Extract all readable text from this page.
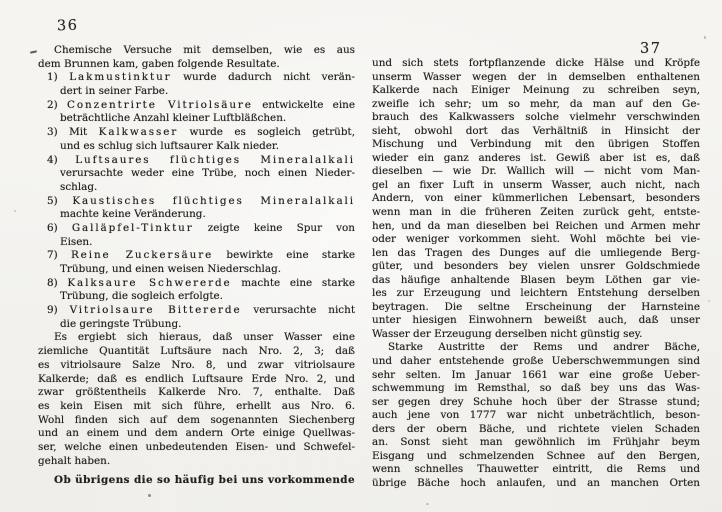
36
Chemische Versuche mit demselben, wie es aus
dem Brunnen kam, gaben folgende Resultate.
1) Lakmustinktur wurde dadurch nicht verän-
dert in seiner Farbe.
2) Conzentrirte Vitriolsäure entwickelte eine
beträchtliche Anzahl kleiner Luftbläßchen.
3) Mit Kalkwasser wurde es sogleich getrübt,
und es schlug sich luftsaurer Kalk nieder.
4) Luftsaures flüchtiges Mineralalkali
verursachte weder eine Trübe, noch einen Nieder-
schlag.
5) Kaustisches flüchtiges Mineralalkali
machte keine Veränderung.
6) Galläpfel-Tinktur zeigte keine Spur von
Eisen.
7) Reine Zuckersäure bewirkte eine starke
Trübung, und einen weisen Niederschlag.
8) Kalksaure Schwererde machte eine starke
Trübung, die sogleich erfolgte.
9) Vitriolsaure Bittererde verursachte nicht
die geringste Trübung.
Es ergiebt sich hieraus, daß unser Wasser eine
ziemliche Quantität Luftsäure nach Nro. 2, 3; daß
es vitriolsaure Salze Nro. 8, und zwar vitriolsaure
Kalkerde; daß es endlich Luftsaure Erde Nro. 2, und
zwar größtentheils Kalkerde Nro. 7, enthalte. Daß
es kein Eisen mit sich führe, erhellt aus Nro. 6.
Wohl finden sich auf dem sogenannten Siechenberg
und an einem und dem andern Orte einige Quellwas-
ser, welche einen unbedeutenden Eisen- und Schwefel-
gehalt haben.
Ob übrigens die so häufig bei uns vorkommende
37
und sich stets fortpflanzende dicke Hälse und Kröpfe
unserm Wasser wegen der in demselben enthaltenen
Kalkerde nach Einiger Meinung zu schreiben seyn,
zweifle ich sehr; um so mehr, da man auf den Ge-
brauch des Kalkwassers solche vielmehr verschwinden
sieht, obwohl dort das Verhältniß in Hinsicht der
Mischung und Verbindung mit den übrigen Stoffen
wieder ein ganz anderes ist. Gewiß aber ist es, daß
dieselben — wie Dr. Wallich will — nicht vom Man-
gel an fixer Luft in unserm Wasser, auch nicht, nach
Andern, von einer kümmerlichen Lebensart, besonders
wenn man in die früheren Zeiten zurück geht, entste-
hen, und da man dieselben bei Reichen und Armen mehr
oder weniger vorkommen sieht. Wohl möchte bei vie-
len das Tragen des Dunges auf die umliegende Berg-
güter, und besonders bey vielen unsrer Goldschmiede
das häufige anhaltende Blasen beym Löthen gar vie-
les zur Erzeugung und leichtern Entstehung derselben
beytragen. Die seltne Erscheinung der Harnsteine
unter hiesigen Einwohnern beweißt auch, daß unser
Wasser der Erzeugung derselben nicht günstig sey.
Starke Austritte der Rems und andrer Bäche,
und daher entstehende große Ueberschwemmungen sind
sehr selten. Im Januar 1661 war eine große Ueber-
schwemmung im Remsthal, so daß bey uns das Was-
ser gegen drey Schuhe hoch über der Strasse stund;
auch jene von 1777 war nicht unbeträchtlich, beson-
ders der obern Bäche, und richtete vielen Schaden
an. Sonst sieht man gewöhnlich im Frühjahr beym
Eisgang und schmelzenden Schnee auf den Bergen,
wenn schnelles Thauwetter eintritt, die Rems und
übrige Bäche hoch anlaufen, und an manchen Orten
